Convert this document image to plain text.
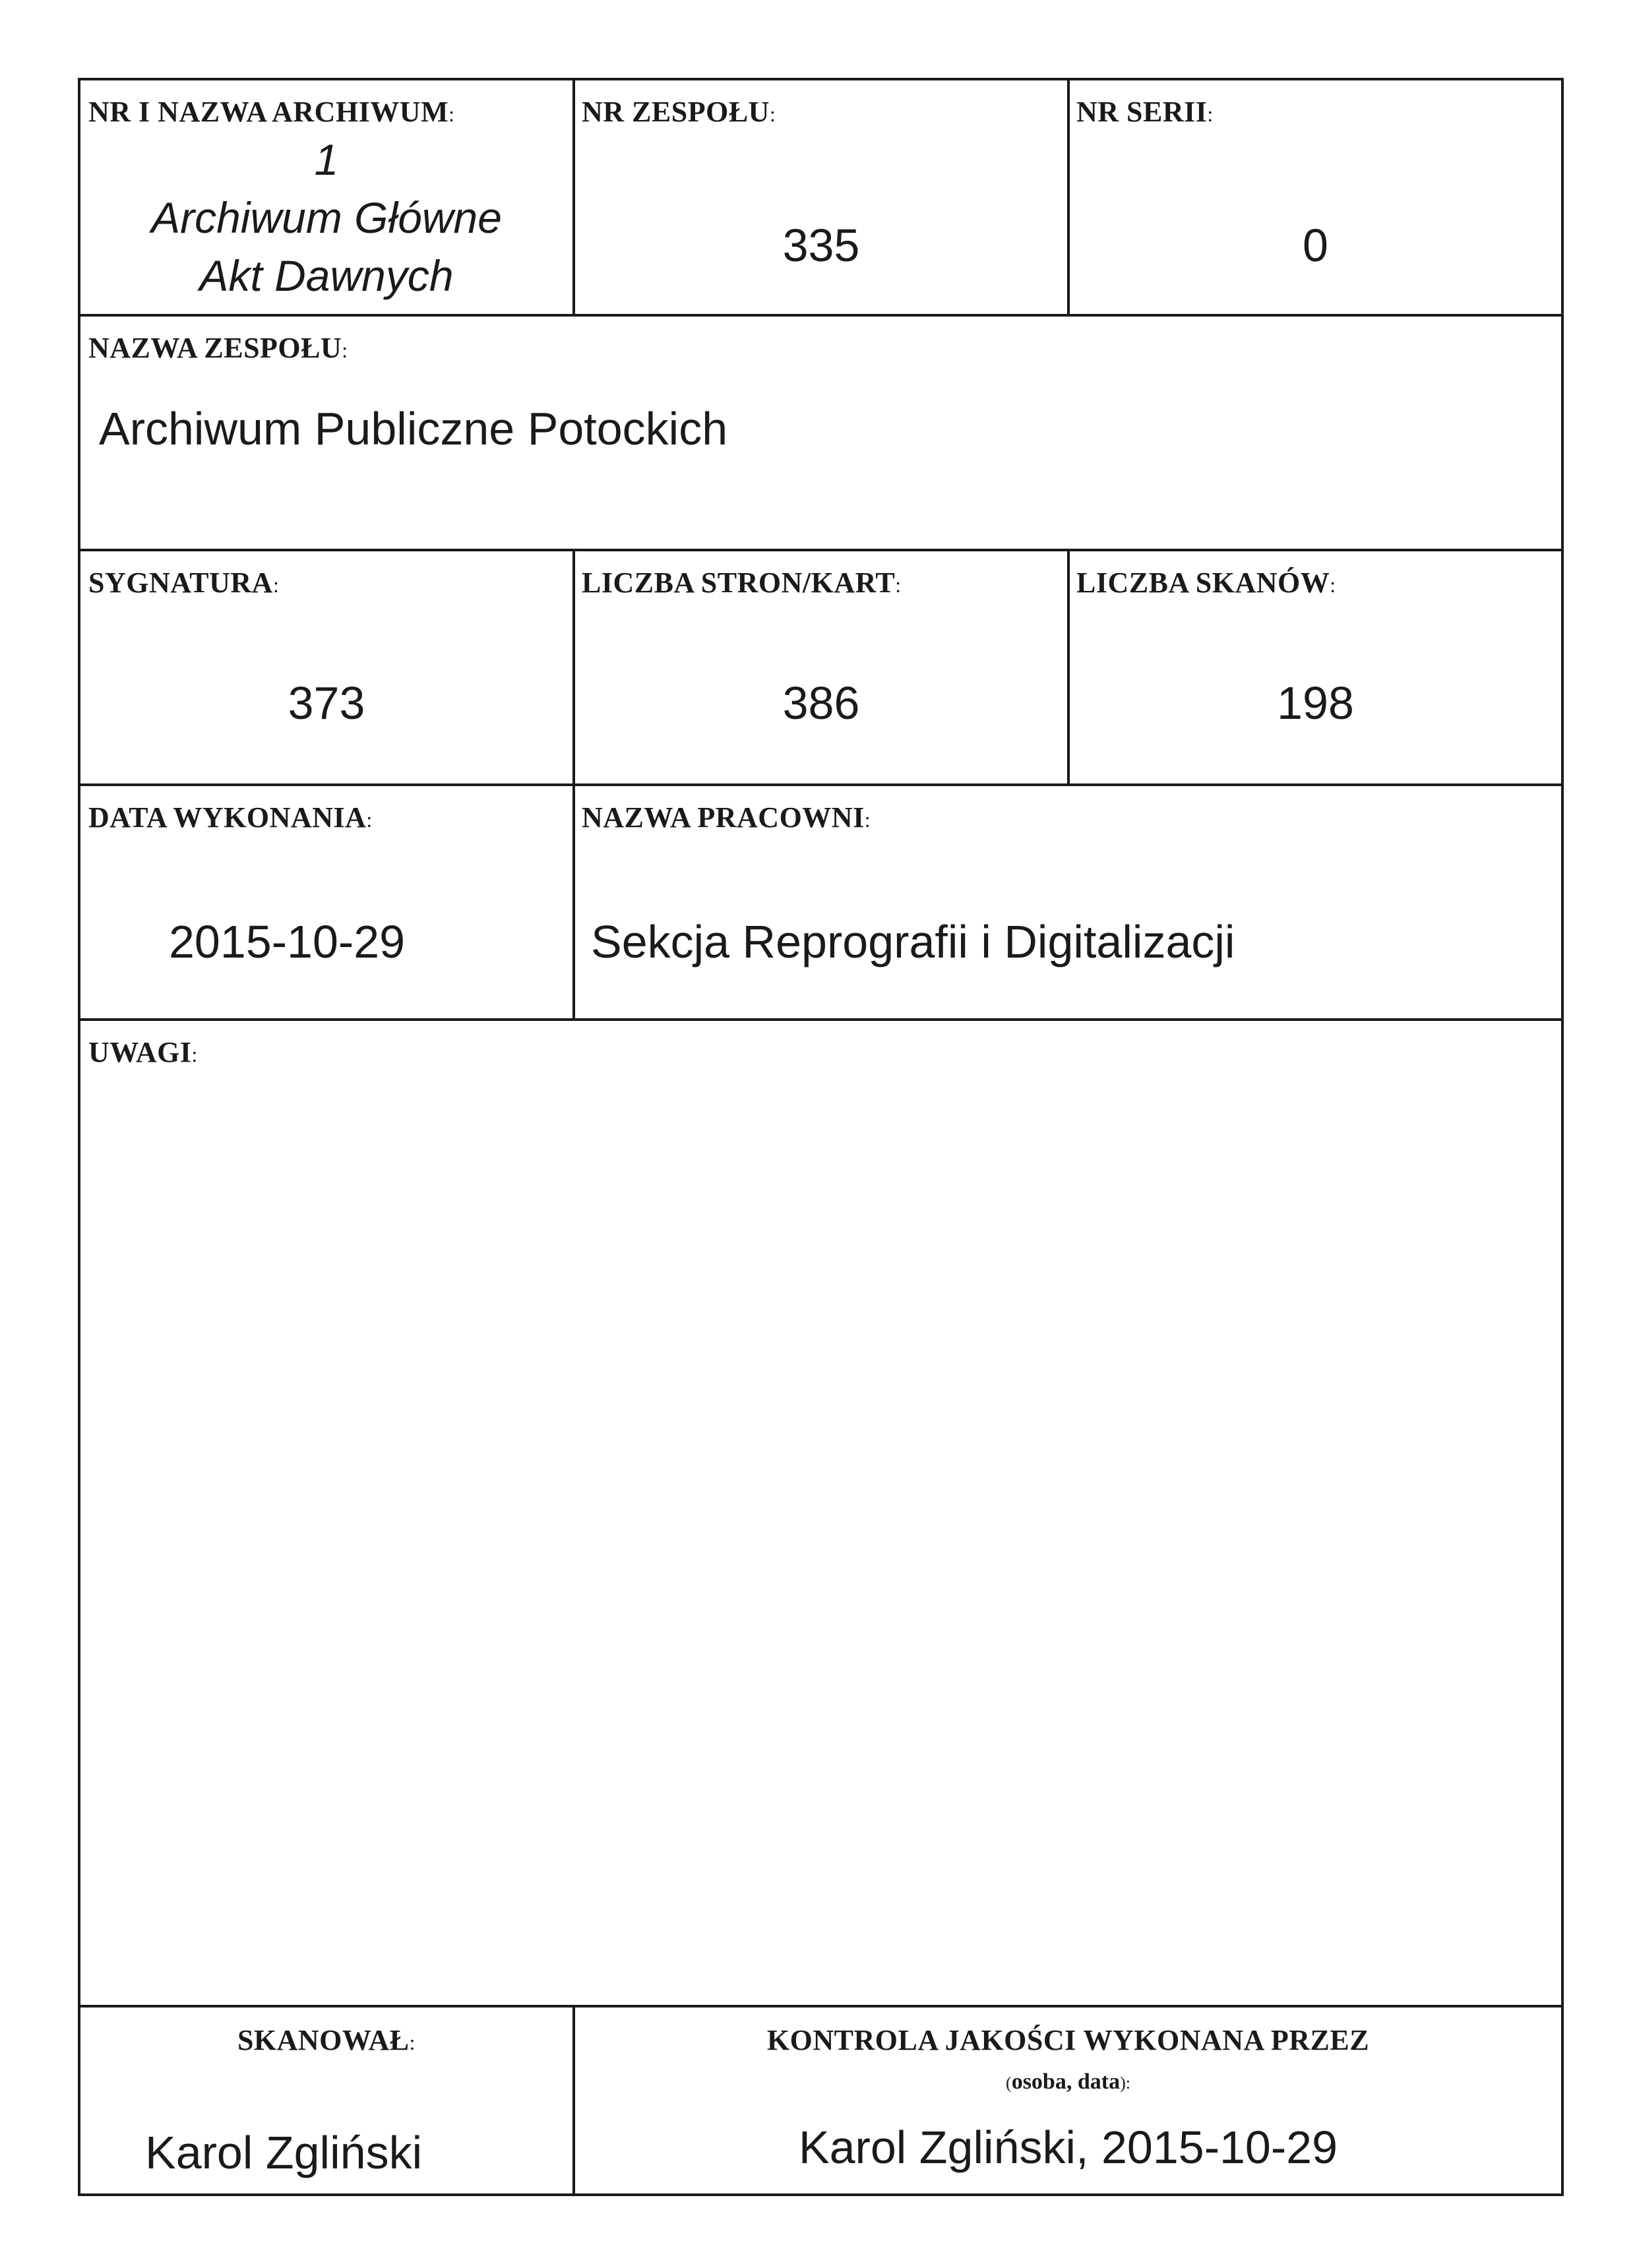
NR I NAZWA ARCHIWUM:
1
Archiwum Główne
Akt Dawnych
NR ZESPOŁU:
335
NR SERII:
0
NAZWA ZESPOŁU:
Archiwum Publiczne Potockich
SYGNATURA:
373
LICZBA STRON/KART:
386
LICZBA SKANÓW:
198
DATA WYKONANIA:
2015-10-29
NAZWA PRACOWNI:
Sekcja Reprografii i Digitalizacji
UWAGI:
SKANOWAŁ:
Karol Zgliński
KONTROLA JAKOŚCI WYKONANA PRZEZ
(osoba, data):
Karol Zgliński, 2015-10-29
